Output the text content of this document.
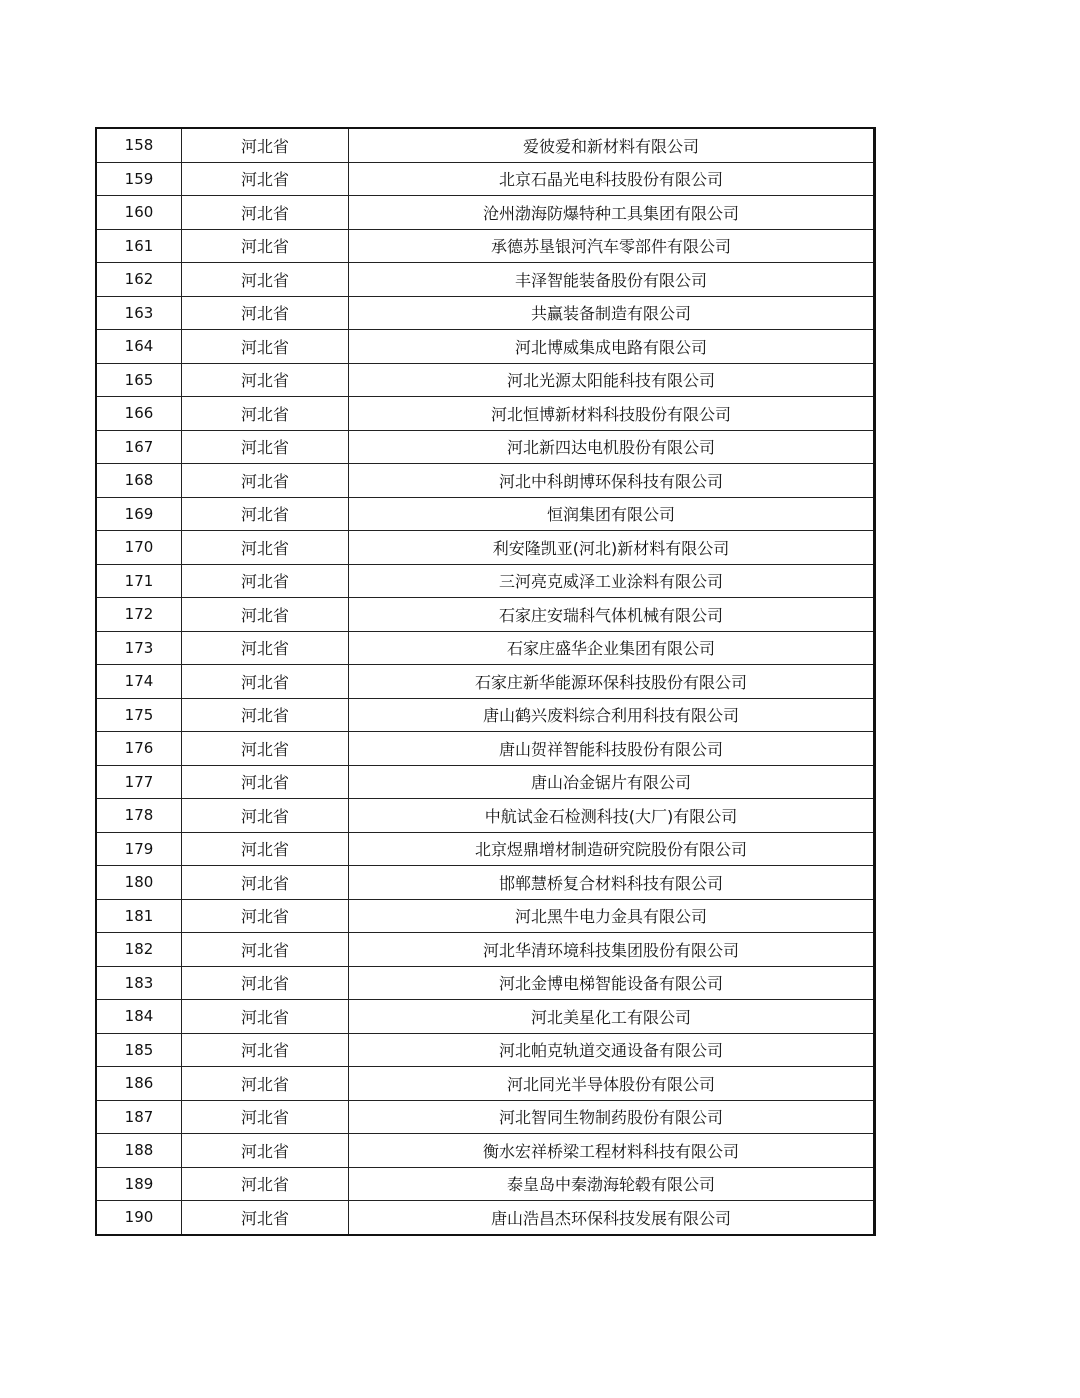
158	河北省	爱彼爱和新材料有限公司
159	河北省	北京石晶光电科技股份有限公司
160	河北省	沧州渤海防爆特种工具集团有限公司
161	河北省	承德苏垦银河汽车零部件有限公司
162	河北省	丰泽智能装备股份有限公司
163	河北省	共赢装备制造有限公司
164	河北省	河北博威集成电路有限公司
165	河北省	河北光源太阳能科技有限公司
166	河北省	河北恒博新材料科技股份有限公司
167	河北省	河北新四达电机股份有限公司
168	河北省	河北中科朗博环保科技有限公司
169	河北省	恒润集团有限公司
170	河北省	利安隆凯亚(河北)新材料有限公司
171	河北省	三河亮克威泽工业涂料有限公司
172	河北省	石家庄安瑞科气体机械有限公司
173	河北省	石家庄盛华企业集团有限公司
174	河北省	石家庄新华能源环保科技股份有限公司
175	河北省	唐山鹤兴废料综合利用科技有限公司
176	河北省	唐山贺祥智能科技股份有限公司
177	河北省	唐山冶金锯片有限公司
178	河北省	中航试金石检测科技(大厂)有限公司
179	河北省	北京煜鼎增材制造研究院股份有限公司
180	河北省	邯郸慧桥复合材料科技有限公司
181	河北省	河北黑牛电力金具有限公司
182	河北省	河北华清环境科技集团股份有限公司
183	河北省	河北金博电梯智能设备有限公司
184	河北省	河北美星化工有限公司
185	河北省	河北帕克轨道交通设备有限公司
186	河北省	河北同光半导体股份有限公司
187	河北省	河北智同生物制药股份有限公司
188	河北省	衡水宏祥桥梁工程材料科技有限公司
189	河北省	泰皇岛中秦渤海轮毂有限公司
190	河北省	唐山浩昌杰环保科技发展有限公司
